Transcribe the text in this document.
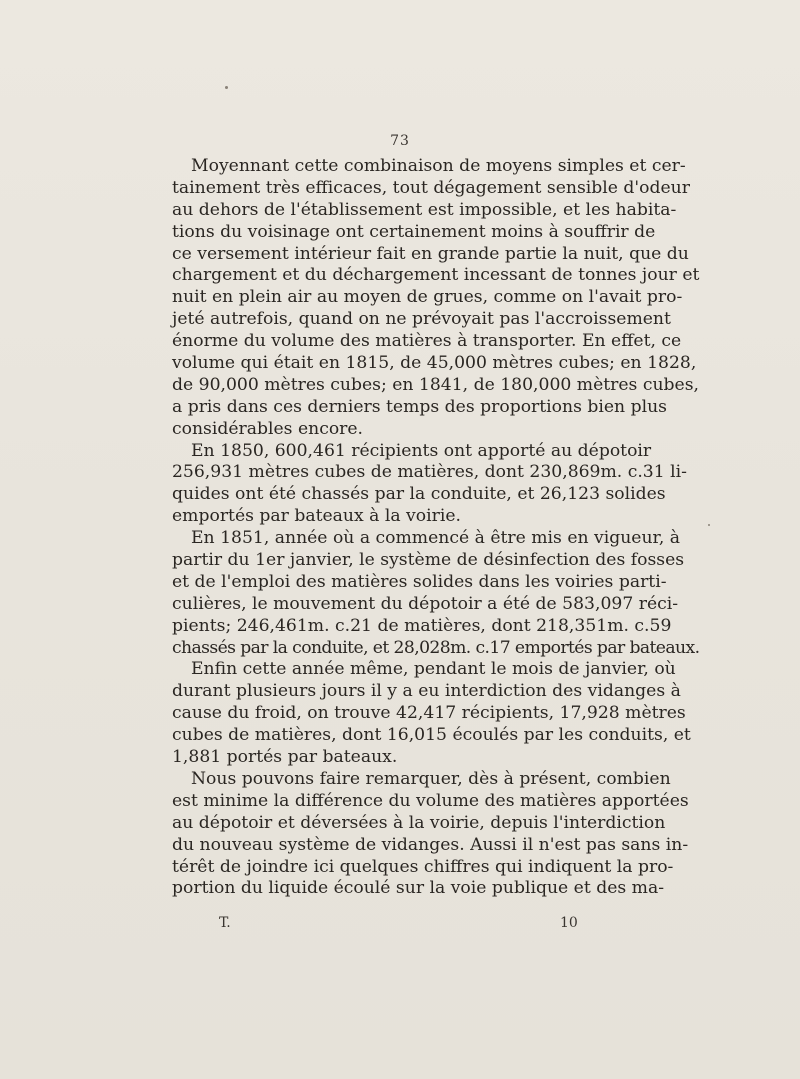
73

Moyennant cette combinaison de moyens simples et cer-
tainement très efficaces, tout dégagement sensible d'odeur
au dehors de l'établissement est impossible, et les habita-
tions du voisinage ont certainement moins à souffrir de
ce versement intérieur fait en grande partie la nuit, que du
chargement et du déchargement incessant de tonnes jour et
nuit en plein air au moyen de grues, comme on l'avait pro-
jeté autrefois, quand on ne prévoyait pas l'accroissement
énorme du volume des matières à transporter. En effet, ce
volume qui était en 1815, de 45,000 mètres cubes; en 1828,
de 90,000 mètres cubes; en 1841, de 180,000 mètres cubes,
a pris dans ces derniers temps des proportions bien plus
considérables encore.

En 1850, 600,461 récipients ont apporté au dépotoir
256,931 mètres cubes de matières, dont 230,869m. c.31 li-
quides ont été chassés par la conduite, et 26,123 solides
emportés par bateaux à la voirie.

En 1851, année où a commencé à être mis en vigueur, à
partir du 1er janvier, le système de désinfection des fosses
et de l'emploi des matières solides dans les voiries parti-
culières, le mouvement du dépotoir a été de 583,097 réci-
pients; 246,461m. c.21 de matières, dont 218,351m. c.59
chassés par la conduite, et 28,028m. c.17 emportés par bateaux.

Enfin cette année même, pendant le mois de janvier, où
durant plusieurs jours il y a eu interdiction des vidanges à
cause du froid, on trouve 42,417 récipients, 17,928 mètres
cubes de matières, dont 16,015 écoulés par les conduits, et
1,881 portés par bateaux.

Nous pouvons faire remarquer, dès à présent, combien
est minime la différence du volume des matières apportées
au dépotoir et déversées à la voirie, depuis l'interdiction
du nouveau système de vidanges. Aussi il n'est pas sans in-
térêt de joindre ici quelques chiffres qui indiquent la pro-
portion du liquide écoulé sur la voie publique et des ma-

T.	10
